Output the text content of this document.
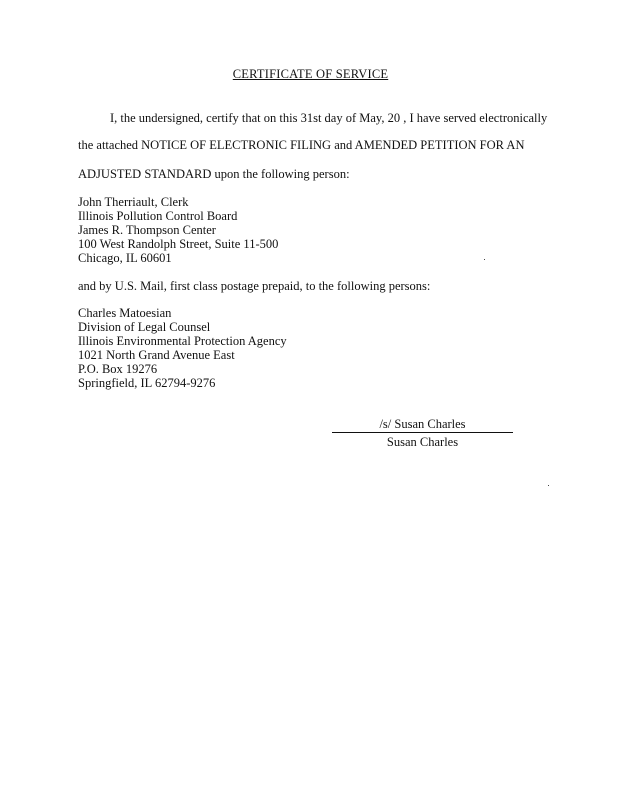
CERTIFICATE OF SERVICE
I, the undersigned, certify that on this 31st day of May, 20 , I have served electronically
the attached NOTICE OF ELECTRONIC FILING and AMENDED PETITION FOR AN
ADJUSTED STANDARD upon the following person:
John Therriault, Clerk
Illinois Pollution Control Board
James R. Thompson Center
100 West Randolph Street, Suite 11-500
Chicago, IL 60601
and by U.S. Mail, first class postage prepaid, to the following persons:
Charles Matoesian
Division of Legal Counsel
Illinois Environmental Protection Agency
1021 North Grand Avenue East
P.O. Box 19276
Springfield, IL 62794-9276
/s/ Susan Charles
Susan Charles
